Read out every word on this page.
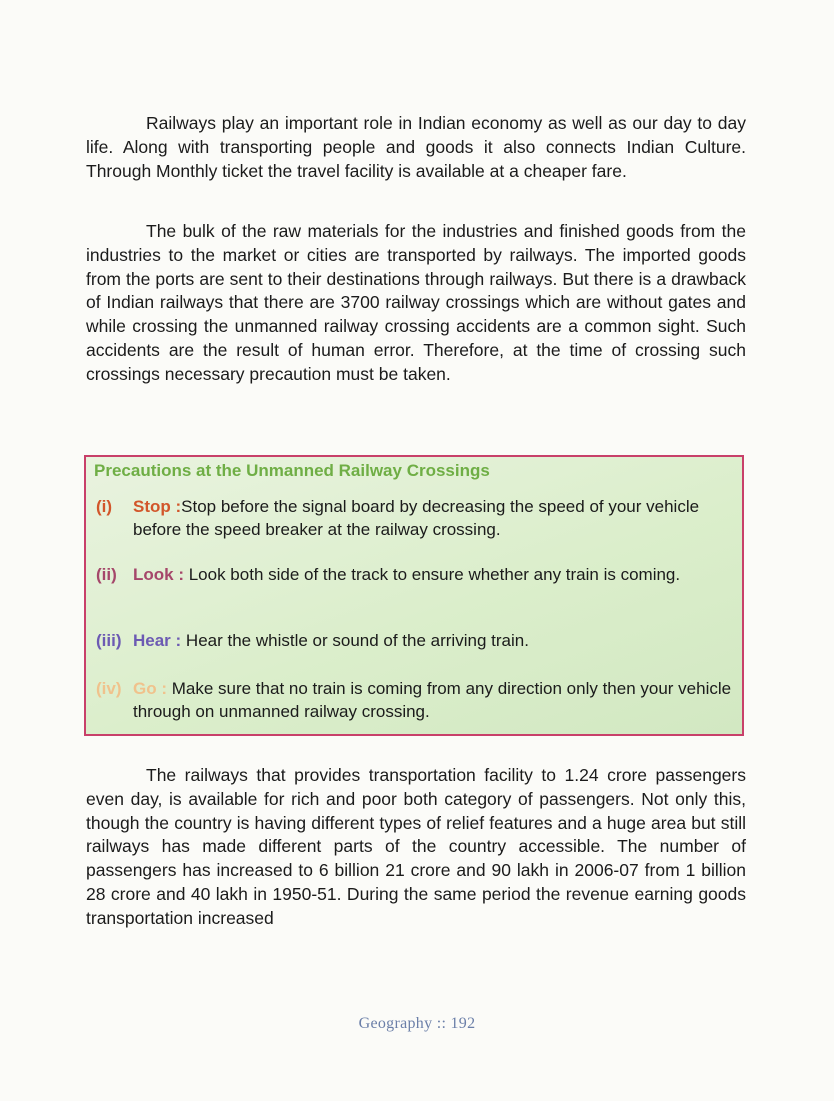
Railways play an important role in Indian economy as well as our day to day life. Along with transporting people and goods it also connects Indian Culture. Through Monthly ticket the travel facility is available at a cheaper fare.

The bulk of the raw materials for the industries and finished goods from the industries to the market or cities are transported by railways. The imported goods from the ports are sent to their destinations through railways. But there is a drawback of Indian railways that there are 3700 railway crossings which are without gates and while crossing the unmanned railway crossing accidents are a common sight. Such accidents are the result of human error. Therefore, at the time of crossing such crossings necessary precaution must be taken.

Precautions at the Unmanned Railway Crossings

(i)	Stop :Stop before the signal board by decreasing the speed of your vehicle before the speed breaker at the railway crossing.
(ii) Look : Look both side of the track to ensure whether any train is coming.
(iii) Hear : Hear the whistle or sound of the arriving train.
(iv) Go : Make sure that no train is coming from any direction only then your vehicle through on unmanned railway crossing.

The railways that provides transportation facility to 1.24 crore passengers even day, is available for rich and poor both category of passengers. Not only this, though the country is having different types of relief features and a huge area but still railways has made different parts of the country accessible. The number of passengers has increased to 6 billion 21 crore and 90 lakh in 2006-07 from 1 billion 28 crore and 40 lakh in 1950-51. During the same period the revenue earning goods transportation increased

Geography :: 192
